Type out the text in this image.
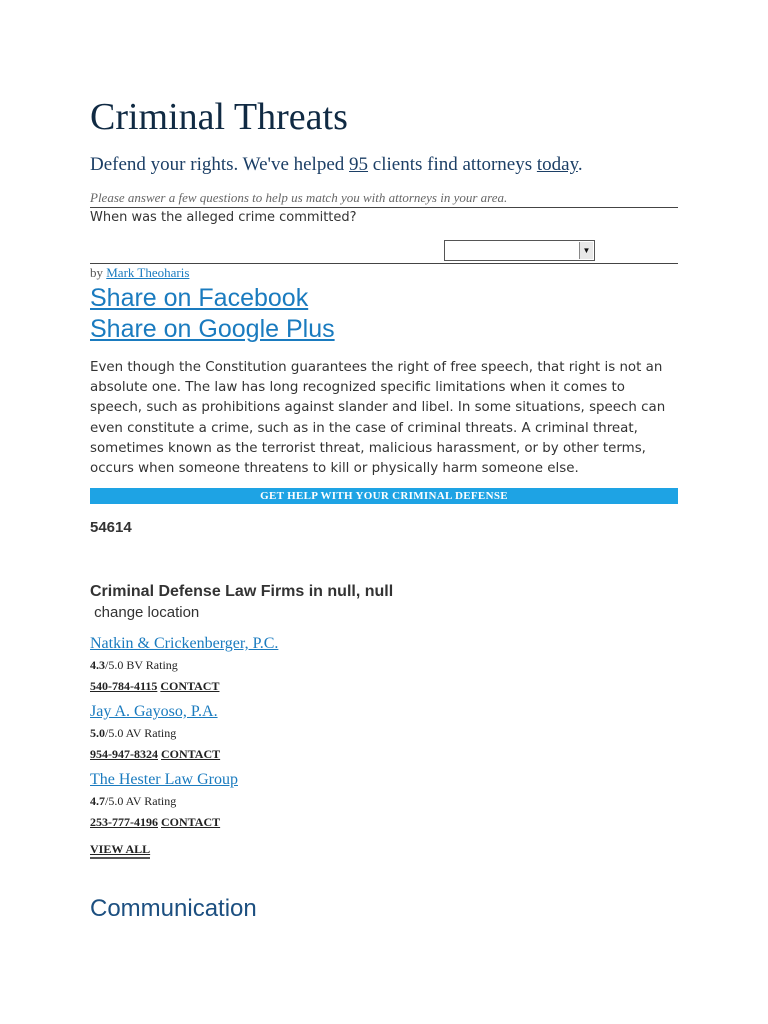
Criminal Threats
Defend your rights. We've helped 95 clients find attorneys today.
Please answer a few questions to help us match you with attorneys in your area.
When was the alleged crime committed?
▼
by Mark Theoharis
Share on Facebook
Share on Google Plus

Even though the Constitution guarantees the right of free speech, that right is not an absolute one. The law has long recognized specific limitations when it comes to speech, such as prohibitions against slander and libel. In some situations, speech can even constitute a crime, such as in the case of criminal threats. A criminal threat, sometimes known as the terrorist threat, malicious harassment, or by other terms, occurs when someone threatens to kill or physically harm someone else.

GET HELP WITH YOUR CRIMINAL DEFENSE
54614
Criminal Defense Law Firms in null, null
change location
Natkin & Crickenberger, P.C.
4.3/5.0 BV Rating
540-784-4115 CONTACT
Jay A. Gayoso, P.A.
5.0/5.0 AV Rating
954-947-8324 CONTACT
The Hester Law Group
4.7/5.0 AV Rating
253-777-4196 CONTACT
VIEW ALL
Communication
